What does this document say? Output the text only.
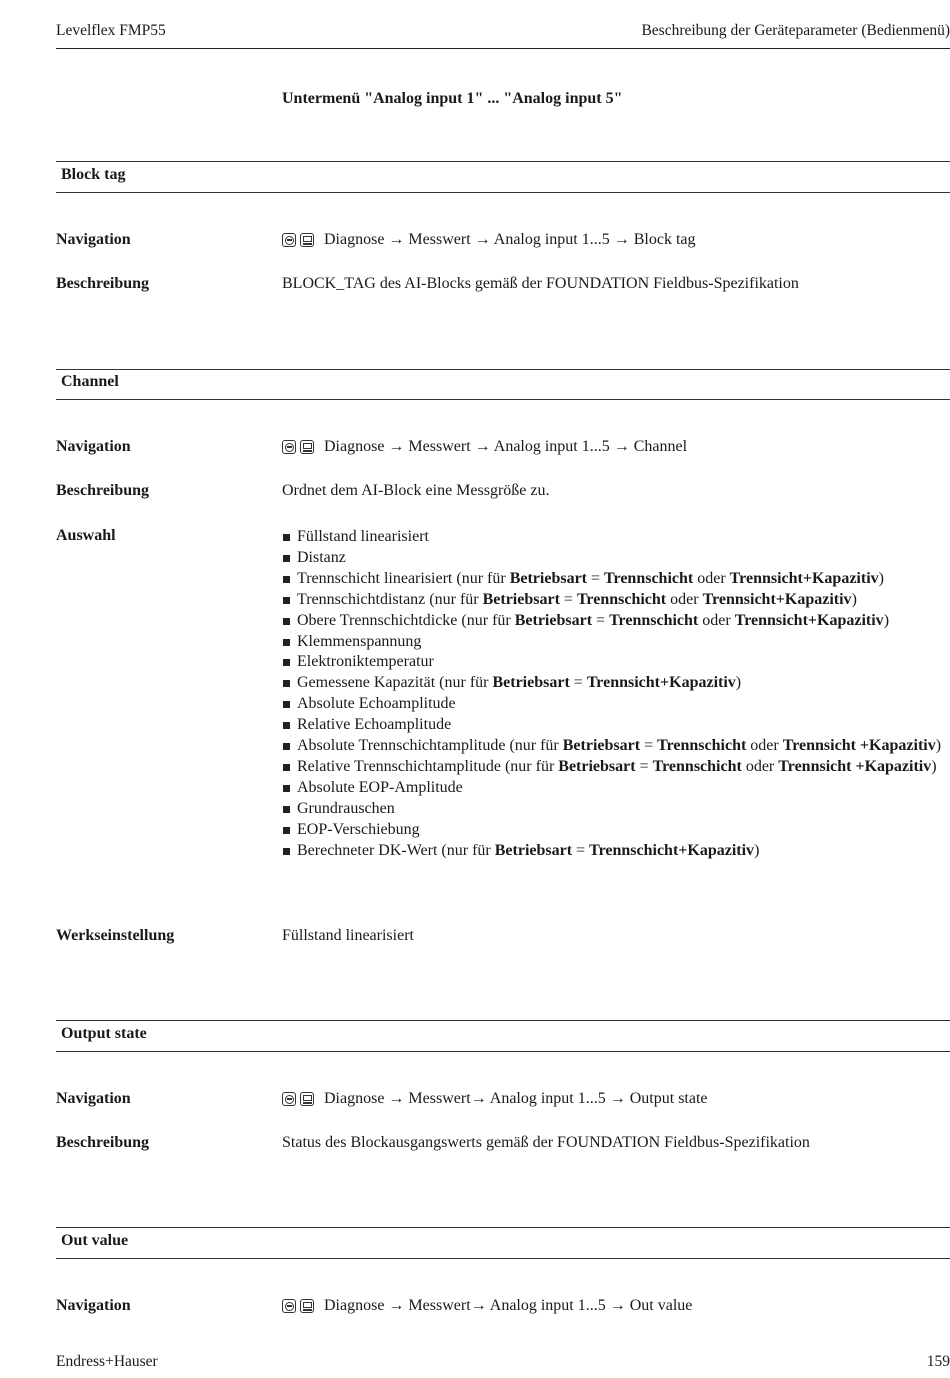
Levelflex FMP55	Beschreibung der Geräteparameter (Bedienmenü)
Untermenü "Analog input 1" ... "Analog input 5"
Block tag
Navigation	Diagnose → Messwert → Analog input 1...5 → Block tag
Beschreibung	BLOCK_TAG des AI-Blocks gemäß der FOUNDATION Fieldbus-Spezifikation
Channel
Navigation	Diagnose → Messwert → Analog input 1...5 → Channel
Beschreibung	Ordnet dem AI-Block eine Messgröße zu.
Auswahl	Füllstand linearisiert
Distanz
Trennschicht linearisiert (nur für Betriebsart = Trennschicht oder Trennsicht+Kapazitiv)
Trennschichtdistanz (nur für Betriebsart = Trennschicht oder Trennsicht+Kapazitiv)
Obere Trennschichtdicke (nur für Betriebsart = Trennschicht oder Trennsicht+Kapazitiv)
Klemmenspannung
Elektroniktemperatur
Gemessene Kapazität (nur für Betriebsart = Trennsicht+Kapazitiv)
Absolute Echoamplitude
Relative Echoamplitude
Absolute Trennschichtamplitude (nur für Betriebsart = Trennschicht oder Trennsicht +Kapazitiv)
Relative Trennschichtamplitude (nur für Betriebsart = Trennschicht oder Trennsicht +Kapazitiv)
Absolute EOP-Amplitude
Grundrauschen
EOP-Verschiebung
Berechneter DK-Wert (nur für Betriebsart = Trennschicht+Kapazitiv)
Werkseinstellung	Füllstand linearisiert
Output state
Navigation	Diagnose → Messwert→ Analog input 1...5 → Output state
Beschreibung	Status des Blockausgangswerts gemäß der FOUNDATION Fieldbus-Spezifikation
Out value
Navigation	Diagnose → Messwert→ Analog input 1...5 → Out value
Endress+Hauser	159
